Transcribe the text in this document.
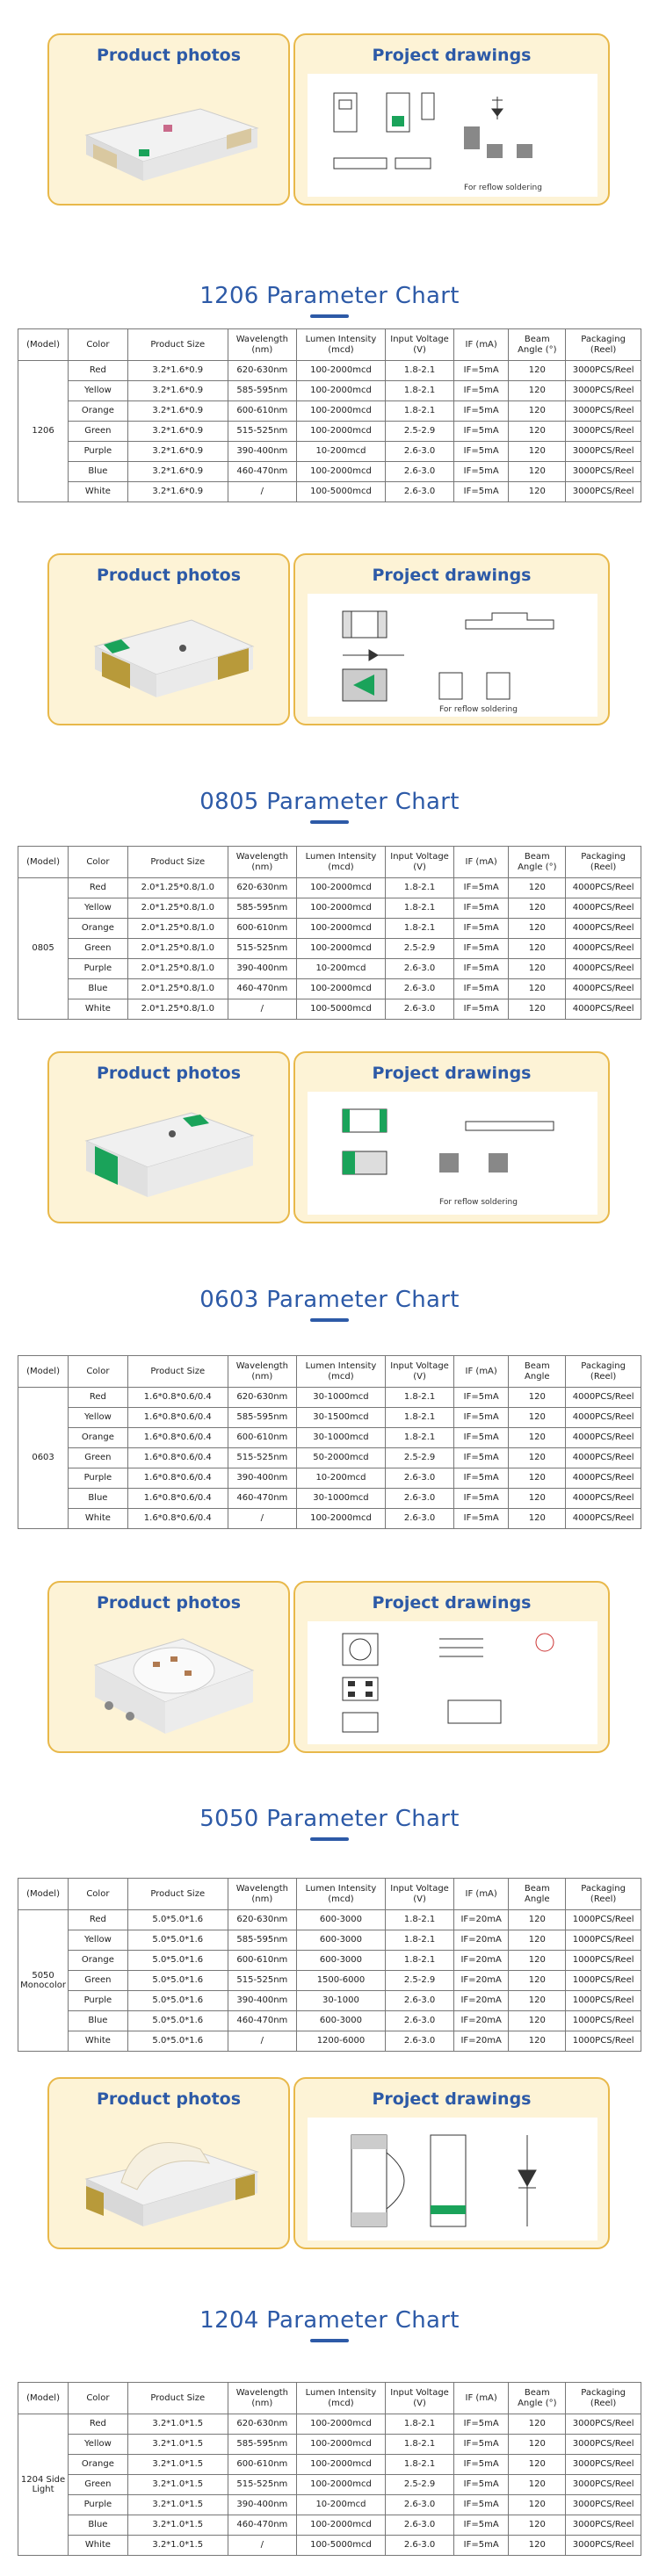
Product photos	Project drawings
For reflow soldering
1206 Parameter Chart
(Model)	Color	Product Size	Wavelength (nm)	Lumen Intensity (mcd)	Input Voltage (V)	IF (mA)	Beam Angle (°)	Packaging (Reel)
1206	Red	3.2*1.6*0.9	620-630nm	100-2000mcd	1.8-2.1	IF=5mA	120	3000PCS/Reel
	Yellow	3.2*1.6*0.9	585-595nm	100-2000mcd	1.8-2.1	IF=5mA	120	3000PCS/Reel
	Orange	3.2*1.6*0.9	600-610nm	100-2000mcd	1.8-2.1	IF=5mA	120	3000PCS/Reel
	Green	3.2*1.6*0.9	515-525nm	100-2000mcd	2.5-2.9	IF=5mA	120	3000PCS/Reel
	Purple	3.2*1.6*0.9	390-400nm	10-200mcd	2.6-3.0	IF=5mA	120	3000PCS/Reel
	Blue	3.2*1.6*0.9	460-470nm	100-2000mcd	2.6-3.0	IF=5mA	120	3000PCS/Reel
	White	3.2*1.6*0.9	/	100-5000mcd	2.6-3.0	IF=5mA	120	3000PCS/Reel
Product photos	Project drawings
For reflow soldering
0805 Parameter Chart
(Model)	Color	Product Size	Wavelength (nm)	Lumen Intensity (mcd)	Input Voltage (V)	IF (mA)	Beam Angle (°)	Packaging (Reel)
0805	Red	2.0*1.25*0.8/1.0	620-630nm	100-2000mcd	1.8-2.1	IF=5mA	120	4000PCS/Reel
	Yellow	2.0*1.25*0.8/1.0	585-595nm	100-2000mcd	1.8-2.1	IF=5mA	120	4000PCS/Reel
	Orange	2.0*1.25*0.8/1.0	600-610nm	100-2000mcd	1.8-2.1	IF=5mA	120	4000PCS/Reel
	Green	2.0*1.25*0.8/1.0	515-525nm	100-2000mcd	2.5-2.9	IF=5mA	120	4000PCS/Reel
	Purple	2.0*1.25*0.8/1.0	390-400nm	10-200mcd	2.6-3.0	IF=5mA	120	4000PCS/Reel
	Blue	2.0*1.25*0.8/1.0	460-470nm	100-2000mcd	2.6-3.0	IF=5mA	120	4000PCS/Reel
	White	2.0*1.25*0.8/1.0	/	100-5000mcd	2.6-3.0	IF=5mA	120	4000PCS/Reel
Product photos	Project drawings
For reflow soldering
0603 Parameter Chart
(Model)	Color	Product Size	Wavelength (nm)	Lumen Intensity (mcd)	Input Voltage (V)	IF (mA)	Beam Angle	Packaging (Reel)
0603	Red	1.6*0.8*0.6/0.4	620-630nm	30-1000mcd	1.8-2.1	IF=5mA	120	4000PCS/Reel
	Yellow	1.6*0.8*0.6/0.4	585-595nm	30-1500mcd	1.8-2.1	IF=5mA	120	4000PCS/Reel
	Orange	1.6*0.8*0.6/0.4	600-610nm	30-1000mcd	1.8-2.1	IF=5mA	120	4000PCS/Reel
	Green	1.6*0.8*0.6/0.4	515-525nm	50-2000mcd	2.5-2.9	IF=5mA	120	4000PCS/Reel
	Purple	1.6*0.8*0.6/0.4	390-400nm	10-200mcd	2.6-3.0	IF=5mA	120	4000PCS/Reel
	Blue	1.6*0.8*0.6/0.4	460-470nm	30-1000mcd	2.6-3.0	IF=5mA	120	4000PCS/Reel
	White	1.6*0.8*0.6/0.4	/	100-2000mcd	2.6-3.0	IF=5mA	120	4000PCS/Reel
Product photos	Project drawings
5050 Parameter Chart
(Model)	Color	Product Size	Wavelength (nm)	Lumen Intensity (mcd)	Input Voltage (V)	IF (mA)	Beam Angle	Packaging (Reel)
5050 Monocolor	Red	5.0*5.0*1.6	620-630nm	600-3000	1.8-2.1	IF=20mA	120	1000PCS/Reel
	Yellow	5.0*5.0*1.6	585-595nm	600-3000	1.8-2.1	IF=20mA	120	1000PCS/Reel
	Orange	5.0*5.0*1.6	600-610nm	600-3000	1.8-2.1	IF=20mA	120	1000PCS/Reel
	Green	5.0*5.0*1.6	515-525nm	1500-6000	2.5-2.9	IF=20mA	120	1000PCS/Reel
	Purple	5.0*5.0*1.6	390-400nm	30-1000	2.6-3.0	IF=20mA	120	1000PCS/Reel
	Blue	5.0*5.0*1.6	460-470nm	600-3000	2.6-3.0	IF=20mA	120	1000PCS/Reel
	White	5.0*5.0*1.6	/	1200-6000	2.6-3.0	IF=20mA	120	1000PCS/Reel
Product photos	Project drawings
1204 Parameter Chart
(Model)	Color	Product Size	Wavelength (nm)	Lumen Intensity (mcd)	Input Voltage (V)	IF (mA)	Beam Angle (°)	Packaging (Reel)
1204 Side Light	Red	3.2*1.0*1.5	620-630nm	100-2000mcd	1.8-2.1	IF=5mA	120	3000PCS/Reel
	Yellow	3.2*1.0*1.5	585-595nm	100-2000mcd	1.8-2.1	IF=5mA	120	3000PCS/Reel
	Orange	3.2*1.0*1.5	600-610nm	100-2000mcd	1.8-2.1	IF=5mA	120	3000PCS/Reel
	Green	3.2*1.0*1.5	515-525nm	100-2000mcd	2.5-2.9	IF=5mA	120	3000PCS/Reel
	Purple	3.2*1.0*1.5	390-400nm	10-200mcd	2.6-3.0	IF=5mA	120	3000PCS/Reel
	Blue	3.2*1.0*1.5	460-470nm	100-2000mcd	2.6-3.0	IF=5mA	120	3000PCS/Reel
	White	3.2*1.0*1.5	/	100-5000mcd	2.6-3.0	IF=5mA	120	3000PCS/Reel
